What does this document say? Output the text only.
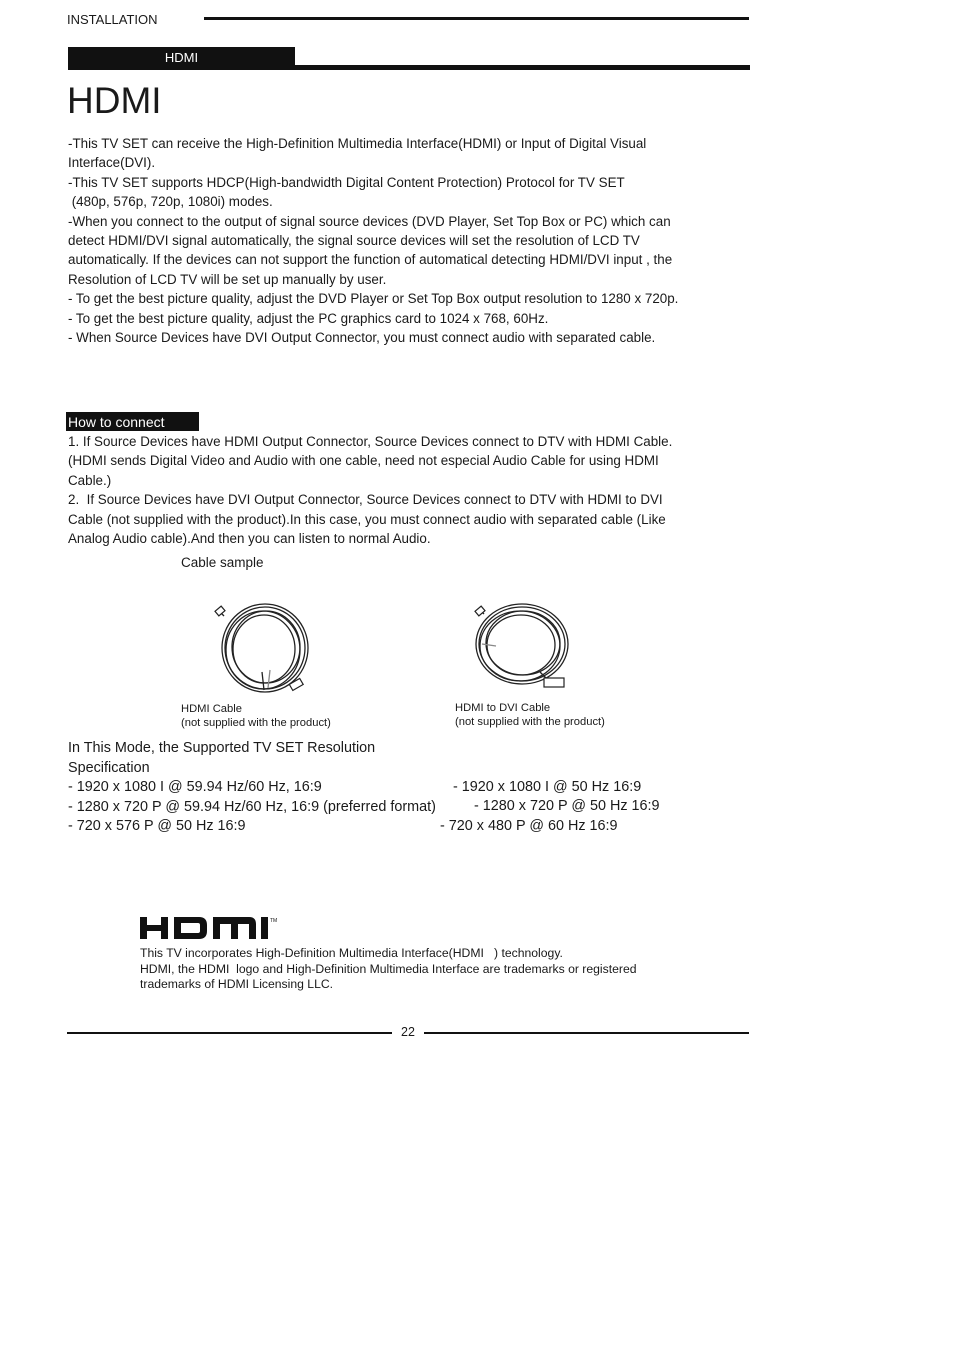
INSTALLATION
HDMI
HDMI
-This TV SET can receive the High-Definition Multimedia Interface(HDMI) or Input of Digital Visual
Interface(DVI).
-This TV SET supports HDCP(High-bandwidth Digital Content Protection) Protocol for TV SET
(480p, 576p, 720p, 1080i) modes.
-When you connect to the output of signal source devices (DVD Player, Set Top Box or PC) which can
detect HDMI/DVI signal automatically, the signal source devices will set the resolution of LCD TV
automatically. If the devices can not support the function of automatical detecting HDMI/DVI input , the
Resolution of LCD TV will be set up manually by user.
- To get the best picture quality, adjust the DVD Player or Set Top Box output resolution to 1280 x 720p.
- To get the best picture quality, adjust the PC graphics card to 1024 x 768, 60Hz.
- When Source Devices have DVI Output Connector, you must connect audio with separated cable.
How to connect
1. If Source Devices have HDMI Output Connector, Source Devices connect to DTV with HDMI Cable.
(HDMI sends Digital Video and Audio with one cable, need not especial Audio Cable for using HDMI
Cable.)
2.  If Source Devices have DVI Output Connector, Source Devices connect to DTV with HDMI to DVI
Cable (not supplied with the product).In this case, you must connect audio with separated cable (Like
Analog Audio cable).And then you can listen to normal Audio.
Cable sample
HDMI Cable
(not supplied with the product)
HDMI to DVI Cable
(not supplied with the product)
In This Mode, the Supported TV SET Resolution
Specification
- 1920 x 1080 I @ 59.94 Hz/60 Hz, 16:9
- 1280 x 720 P @ 59.94 Hz/60 Hz, 16:9 (preferred format)
- 720 x 576 P @ 50 Hz 16:9
- 1920 x 1080 I @ 50 Hz 16:9
- 1280 x 720 P @ 50 Hz 16:9
- 720 x 480 P @ 60 Hz 16:9
TM
This TV incorporates High-Definition Multimedia Interface(HDMI   ) technology.
HDMI, the HDMI  logo and High-Definition Multimedia Interface are trademarks or registered
trademarks of HDMI Licensing LLC.
22
